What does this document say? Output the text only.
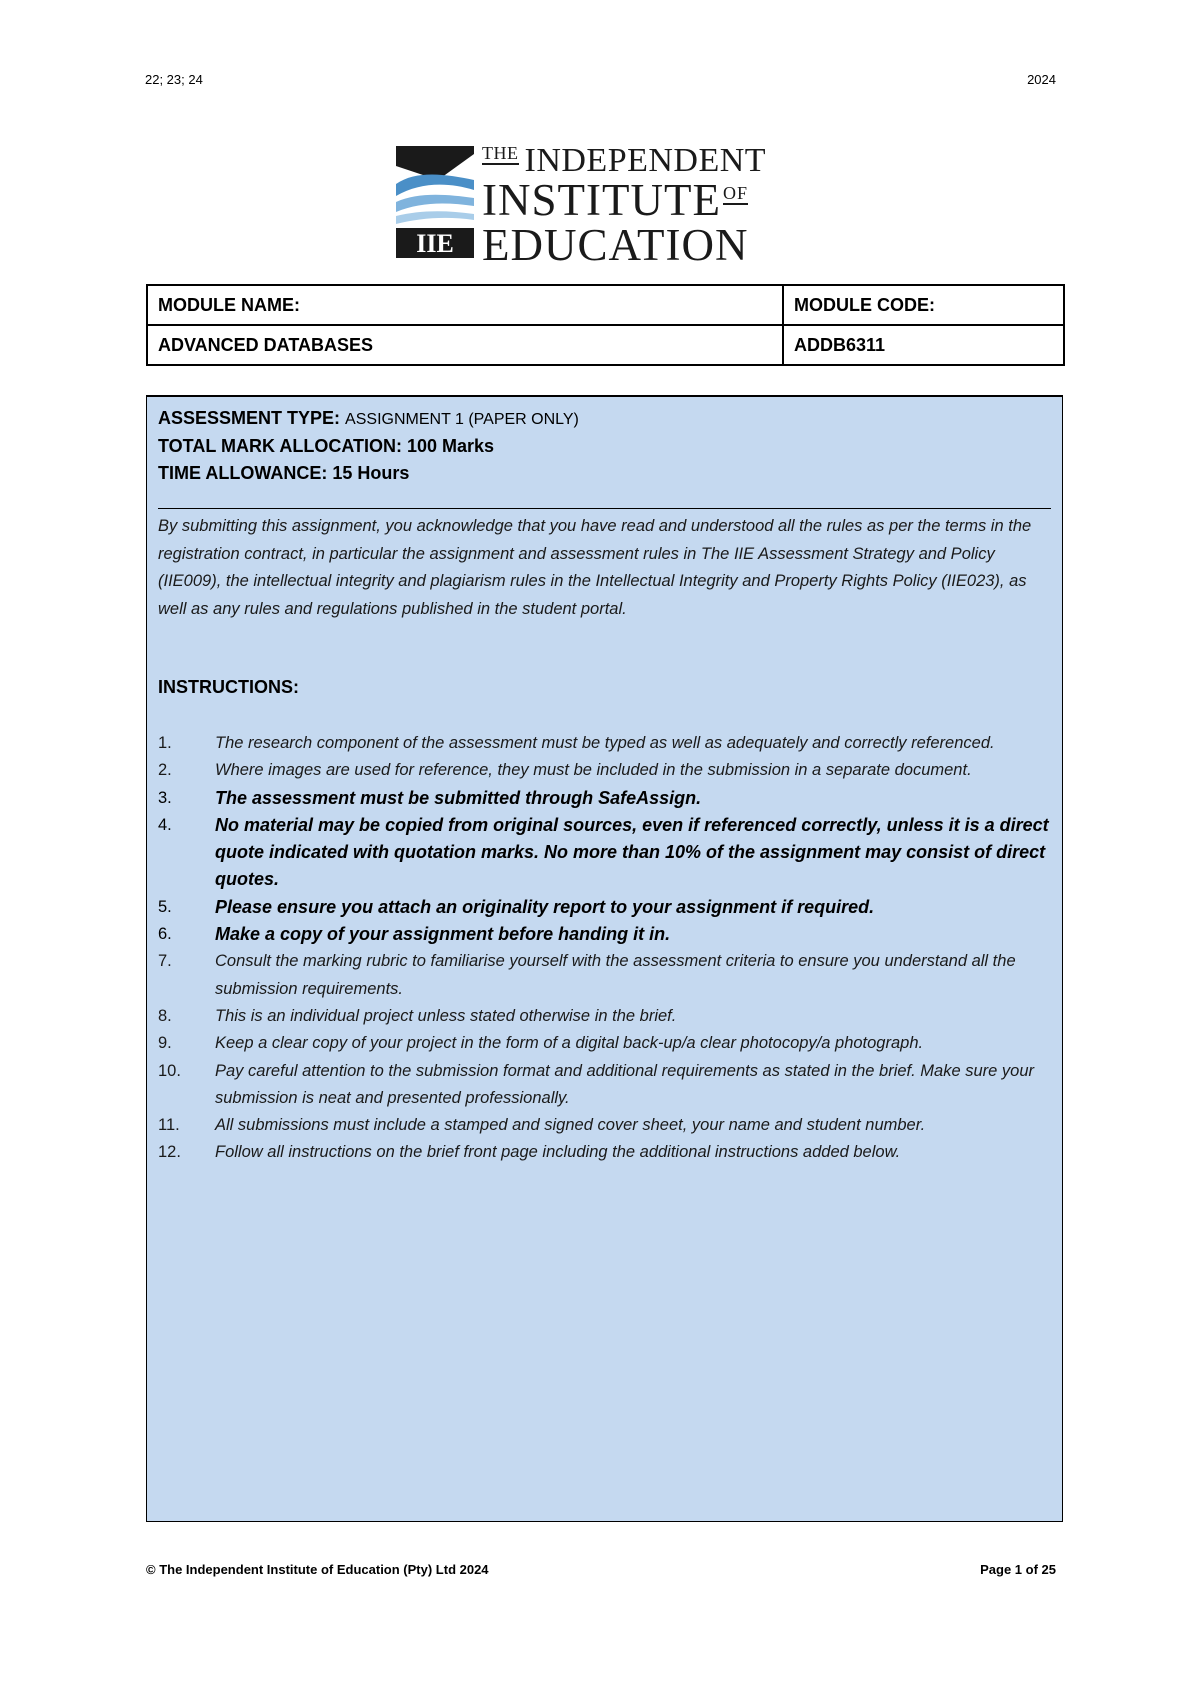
22; 23; 24	2024
IIE
$^{THE}$ INDEPENDENT
INSTITUTE $^{OF}$
EDUCATION
MODULE NAME:	MODULE CODE:
ADVANCED DATABASES	ADDB6311
ASSESSMENT TYPE: ASSIGNMENT 1 (PAPER ONLY)
TOTAL MARK ALLOCATION: 100 Marks
TIME ALLOWANCE: 15 Hours
By submitting this assignment, you acknowledge that you have read and understood all the rules as per the terms in the registration contract, in particular the assignment and assessment rules in The IIE Assessment Strategy and Policy (IIE009), the intellectual integrity and plagiarism rules in the Intellectual Integrity and Property Rights Policy (IIE023), as well as any rules and regulations published in the student portal.
INSTRUCTIONS:
1.	The research component of the assessment must be typed as well as adequately and correctly referenced.
2.	Where images are used for reference, they must be included in the submission in a separate document.
3. The assessment must be submitted through SafeAssign.
4. No material may be copied from original sources, even if referenced correctly, unless it is a direct quote indicated with quotation marks. No more than 10% of the assignment may consist of direct quotes.
5. Please ensure you attach an originality report to your assignment if required.
6. Make a copy of your assignment before handing it in.
7.	Consult the marking rubric to familiarise yourself with the assessment criteria to ensure you understand all the submission requirements.
8.	This is an individual project unless stated otherwise in the brief.
9.	Keep a clear copy of your project in the form of a digital back-up/a clear photocopy/a photograph.
10. Pay careful attention to the submission format and additional requirements as stated in the brief. Make sure your submission is neat and presented professionally.
11. All submissions must include a stamped and signed cover sheet, your name and student number.
12. Follow all instructions on the brief front page including the additional instructions added below.
© The Independent Institute of Education (Pty) Ltd 2024	Page 1 of 25
